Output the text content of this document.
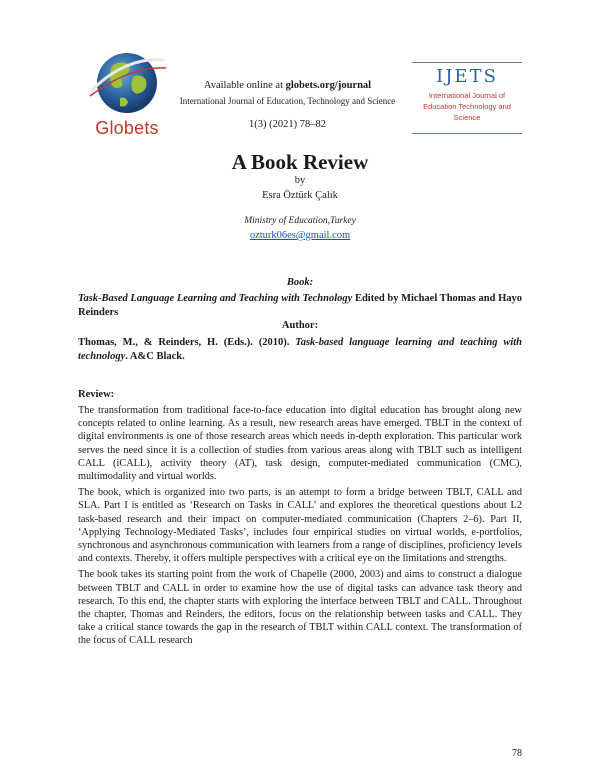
Globets
Available online at globets.org/journal
International Journal of Education, Technology and Science
1(3) (2021) 78–82
IJETS
International Journal of Education Technology and Science
A Book Review
by
Esra Öztürk Çalık
Ministry of Education,Turkey
ozturk06es@gmail.com
Book:
Task-Based Language Learning and Teaching with Technology Edited by Michael Thomas and Hayo Reinders
Author:
Thomas, M., & Reinders, H. (Eds.). (2010). Task-based language learning and teaching with technology. A&C Black.
Review:

The transformation from traditional face-to-face education into digital education has brought along new concepts related to online learning. As a result, new research areas have emerged. TBLT in the context of digital environments is one of those research areas which needs in-depth exploration. This particular work serves the need since it is a collection of studies from various areas along with TBLT such as intelligent CALL (iCALL), activity theory (AT), task design, computer-mediated communication (CMC), multimodality and virtual worlds.

The book, which is organized into two parts, is an attempt to form a bridge between TBLT, CALL and SLA. Part I is entitled as ‘Research on Tasks in CALL’ and explores the theoretical questions about L2 task-based research and their impact on computer-mediated communication (Chapters 2–6). Part II, ‘Applying Technology-Mediated Tasks’, includes four empirical studies on virtual worlds, e-portfolios, synchronous and asynchronous communication with learners from a range of disciplines, proficiency levels and contexts. Thereby, it offers multiple perspectives with a critical eye on the limitations and strengths.

The book takes its starting point from the work of Chapelle (2000, 2003) and aims to construct a dialogue between TBLT and CALL in order to examine how the use of digital tasks can advance task theory and research. To this end, the chapter starts with exploring the interface between TBLT and CALL. Throughout the chapter, Thomas and Reinders, the editors, focus on the relationship between tasks and CALL. They take a critical stance towards the gap in the research of TBLT within CALL context. The transformation of the focus of CALL research

78
